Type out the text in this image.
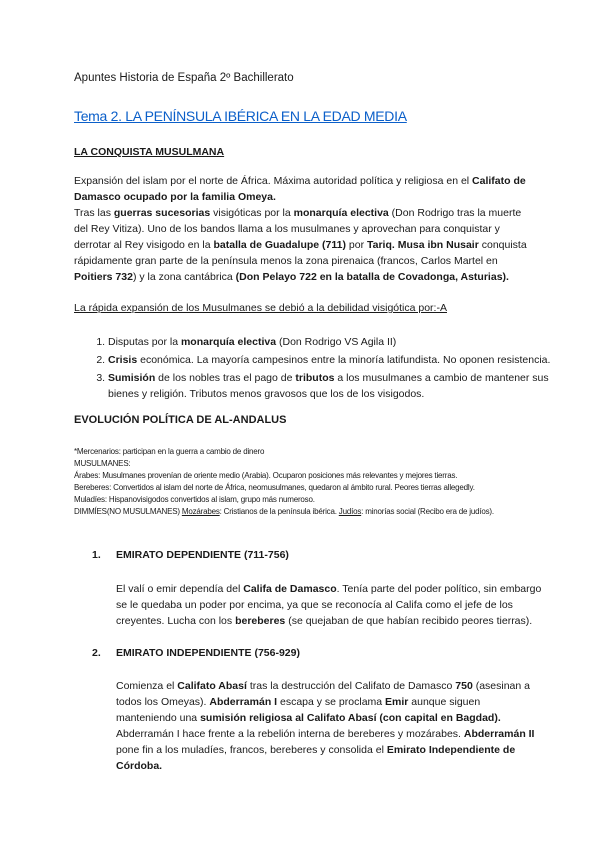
Apuntes Historia de España 2º Bachillerato
Tema 2. LA PENÍNSULA IBÉRICA EN LA EDAD MEDIA
LA CONQUISTA MUSULMANA
Expansión del islam por el norte de África. Máxima autoridad política y religiosa en el Califato de Damasco ocupado por la familia Omeya.
Tras las guerras sucesorias visigóticas por la monarquía electiva (Don Rodrigo tras la muerte del Rey Vitiza). Uno de los bandos llama a los musulmanes y aprovechan para conquistar y derrotar al Rey visigodo en la batalla de Guadalupe (711) por Tariq. Musa ibn Nusair conquista rápidamente gran parte de la península menos la zona pirenaica (francos, Carlos Martel en Poitiers 732) y la zona cantábrica (Don Pelayo 722 en la batalla de Covadonga, Asturias).
La rápida expansión de los Musulmanes se debió a la debilidad visigótica por:-A
1. Disputas por la monarquía electiva (Don Rodrigo VS Agila II)
2. Crisis económica. La mayoría campesinos entre la minoría latifundista. No oponen resistencia.
3. Sumisión de los nobles tras el pago de tributos a los musulmanes a cambio de mantener sus bienes y religión. Tributos menos gravosos que los de los visigodos.
EVOLUCIÓN POLÍTICA DE AL-ANDALUS
*Mercenarios: participan en la guerra a cambio de dinero
MUSULMANES:
Árabes: Musulmanes provenían de oriente medio (Arabia). Ocuparon posiciones más relevantes y mejores tierras.
Bereberes: Convertidos al islam del norte de África, neomusulmanes, quedaron al ámbito rural. Peores tierras allegedly.
Muladíes: Hispanovisigodos convertidos al islam, grupo más numeroso.
DIMMÍES(NO MUSULMANES) Mozárabes: Cristianos de la península ibérica. Judíos: minorías social (Recibo era de judíos).
1. EMIRATO DEPENDIENTE (711-756)
El valí o emir dependía del Califa de Damasco. Tenía parte del poder político, sin embargo se le quedaba un poder por encima, ya que se reconocía al Califa como el jefe de los creyentes. Lucha con los bereberes (se quejaban de que habían recibido peores tierras).
2. EMIRATO INDEPENDIENTE (756-929)
Comienza el Califato Abasí tras la destrucción del Califato de Damasco 750 (asesinan a todos los Omeyas). Abderramán I escapa y se proclama Emir aunque siguen manteniendo una sumisión religiosa al Califato Abasí (con capital en Bagdad). Abderramán I hace frente a la rebelión interna de bereberes y mozárabes. Abderramán II pone fin a los muladíes, francos, bereberes y consolida el Emirato Independiente de Córdoba.
